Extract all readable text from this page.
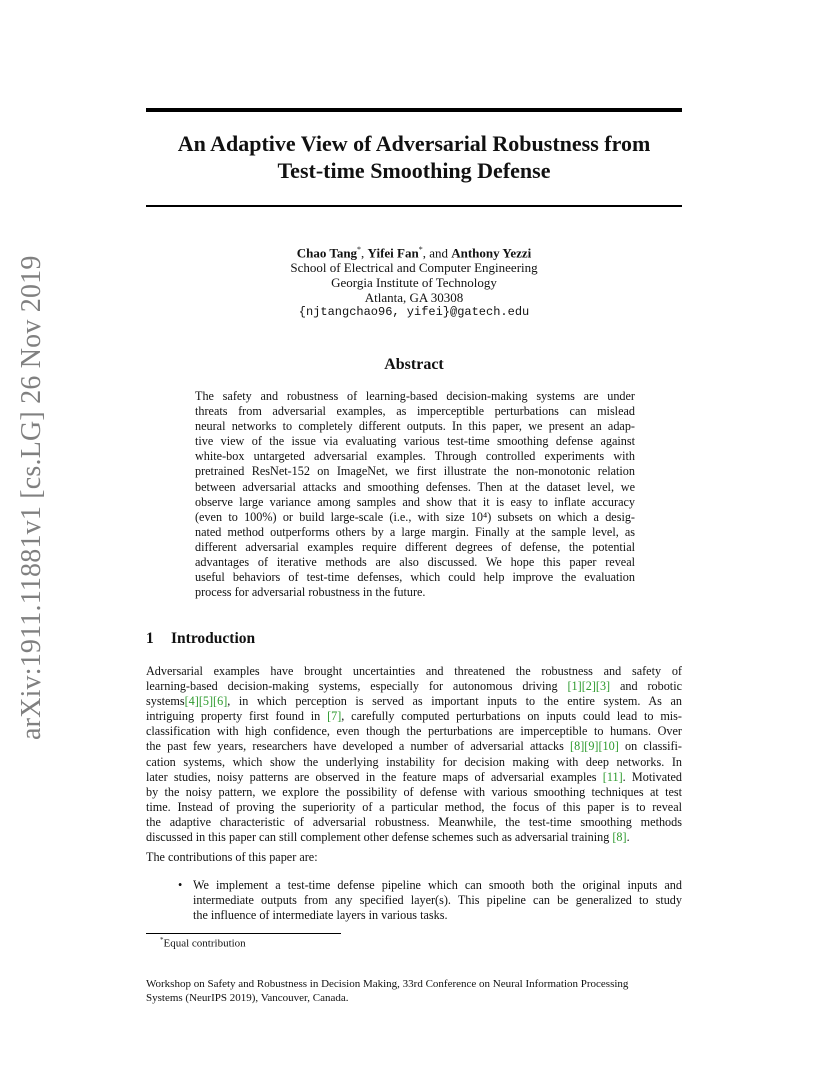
arXiv:1911.11881v1 [cs.LG] 26 Nov 2019
An Adaptive View of Adversarial Robustness from
Test-time Smoothing Defense
Chao Tang*, Yifei Fan*, and Anthony Yezzi
School of Electrical and Computer Engineering
Georgia Institute of Technology
Atlanta, GA 30308
{njtangchao96, yifei}@gatech.edu
Abstract
The safety and robustness of learning-based decision-making systems are under
threats from adversarial examples, as imperceptible perturbations can mislead
neural networks to completely different outputs. In this paper, we present an adap-
tive view of the issue via evaluating various test-time smoothing defense against
white-box untargeted adversarial examples. Through controlled experiments with
pretrained ResNet-152 on ImageNet, we first illustrate the non-monotonic relation
between adversarial attacks and smoothing defenses. Then at the dataset level, we
observe large variance among samples and show that it is easy to inflate accuracy
(even to 100%) or build large-scale (i.e., with size 10⁴) subsets on which a desig-
nated method outperforms others by a large margin. Finally at the sample level, as
different adversarial examples require different degrees of defense, the potential
advantages of iterative methods are also discussed. We hope this paper reveal
useful behaviors of test-time defenses, which could help improve the evaluation
process for adversarial robustness in the future.
1 Introduction
Adversarial examples have brought uncertainties and threatened the robustness and safety of
learning-based decision-making systems, especially for autonomous driving [1][2][3] and robotic
systems[4][5][6], in which perception is served as important inputs to the entire system. As an
intriguing property first found in [7], carefully computed perturbations on inputs could lead to mis-
classification with high confidence, even though the perturbations are imperceptible to humans. Over
the past few years, researchers have developed a number of adversarial attacks [8][9][10] on classifi-
cation systems, which show the underlying instability for decision making with deep networks. In
later studies, noisy patterns are observed in the feature maps of adversarial examples [11]. Motivated
by the noisy pattern, we explore the possibility of defense with various smoothing techniques at test
time. Instead of proving the superiority of a particular method, the focus of this paper is to reveal
the adaptive characteristic of adversarial robustness. Meanwhile, the test-time smoothing methods
discussed in this paper can still complement other defense schemes such as adversarial training [8].
The contributions of this paper are:
• We implement a test-time defense pipeline which can smooth both the original inputs and
intermediate outputs from any specified layer(s). This pipeline can be generalized to study
the influence of intermediate layers in various tasks.
*Equal contribution
Workshop on Safety and Robustness in Decision Making, 33rd Conference on Neural Information Processing
Systems (NeurIPS 2019), Vancouver, Canada.
